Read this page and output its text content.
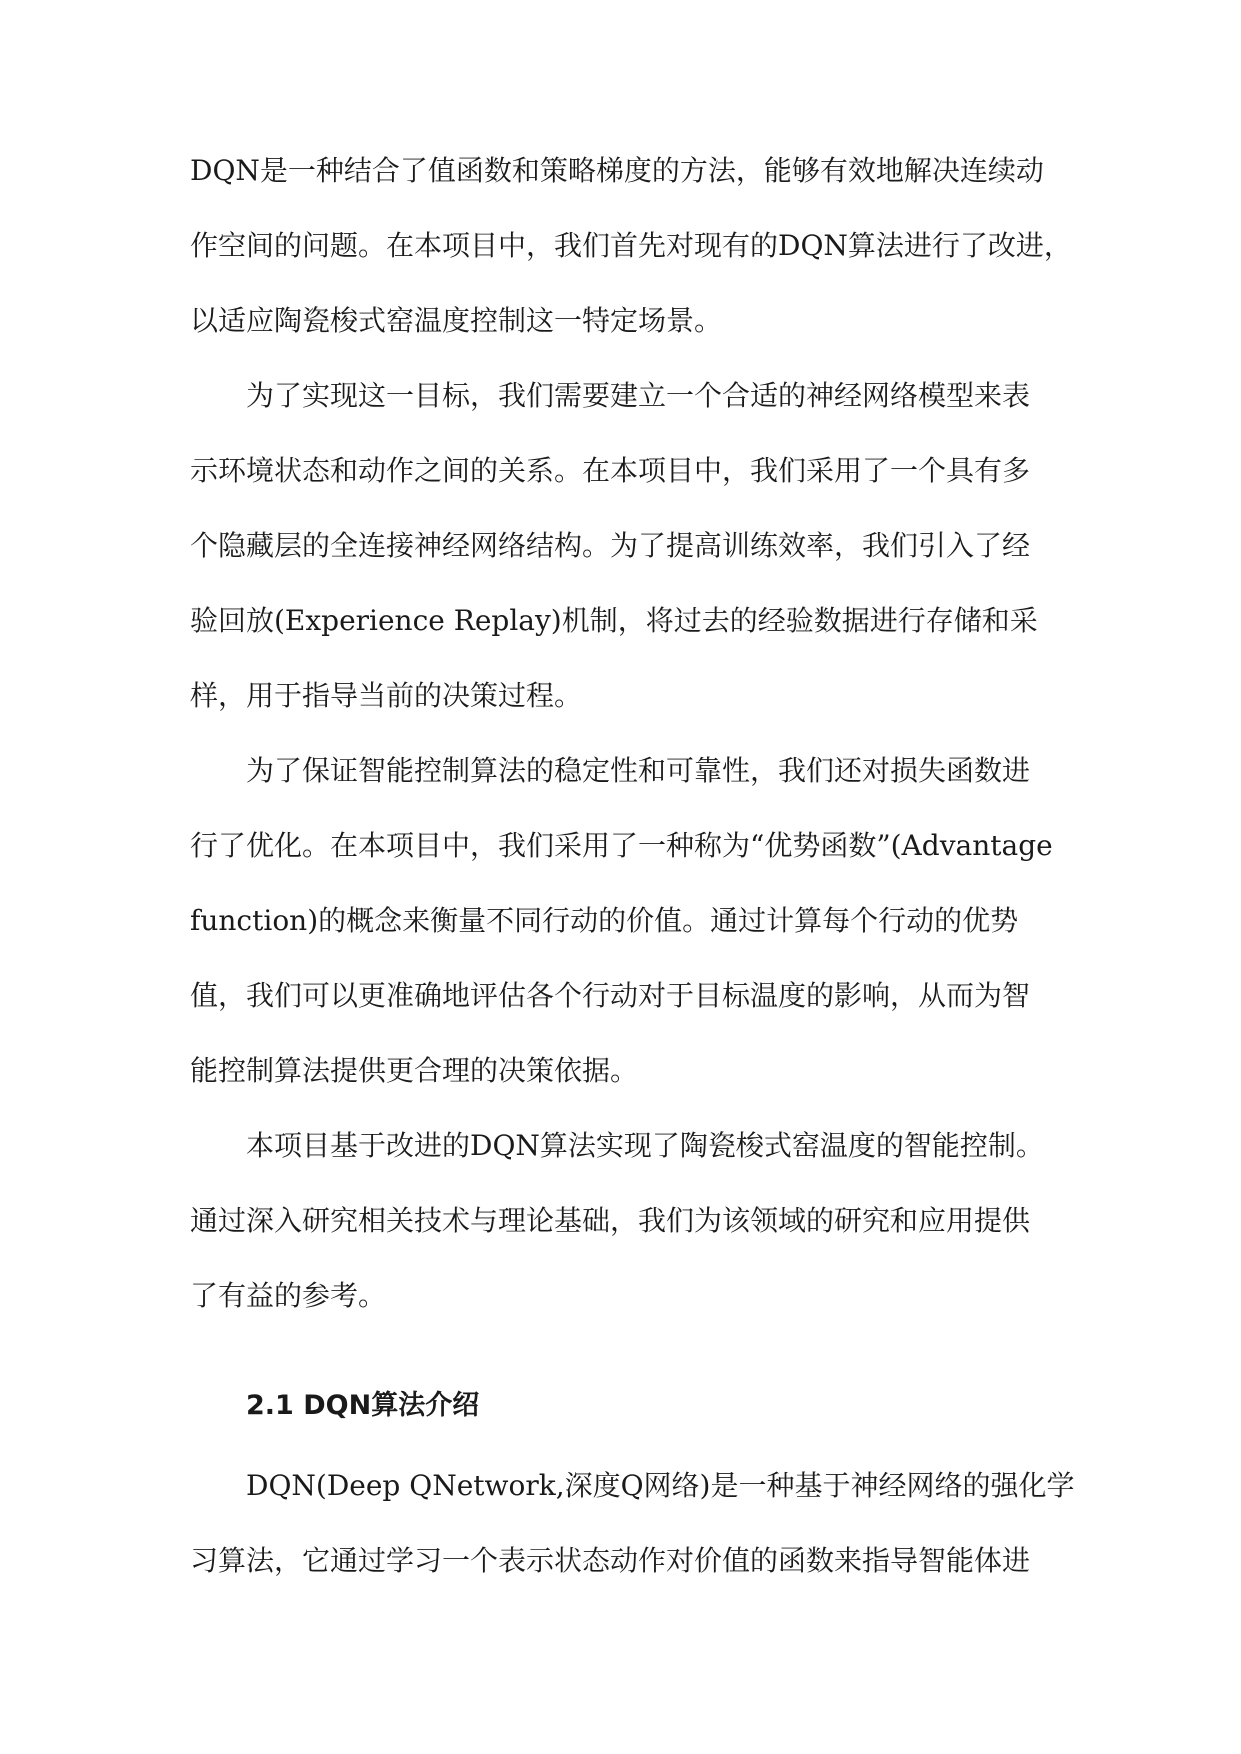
DQN是一种结合了值函数和策略梯度的方法，能够有效地解决连续动

作空间的问题。在本项目中，我们首先对现有的DQN算法进行了改进，

以适应陶瓷梭式窑温度控制这一特定场景。

为了实现这一目标，我们需要建立一个合适的神经网络模型来表

示环境状态和动作之间的关系。在本项目中，我们采用了一个具有多

个隐藏层的全连接神经网络结构。为了提高训练效率，我们引入了经

验回放(Experience Replay)机制，将过去的经验数据进行存储和采

样，用于指导当前的决策过程。

为了保证智能控制算法的稳定性和可靠性，我们还对损失函数进

行了优化。在本项目中，我们采用了一种称为“优势函数”(Advantage

function)的概念来衡量不同行动的价值。通过计算每个行动的优势

值，我们可以更准确地评估各个行动对于目标温度的影响，从而为智

能控制算法提供更合理的决策依据。

本项目基于改进的DQN算法实现了陶瓷梭式窑温度的智能控制。

通过深入研究相关技术与理论基础，我们为该领域的研究和应用提供

了有益的参考。

2.1 DQN算法介绍

DQN(Deep QNetwork,深度Q网络)是一种基于神经网络的强化学

习算法，它通过学习一个表示状态动作对价值的函数来指导智能体进
